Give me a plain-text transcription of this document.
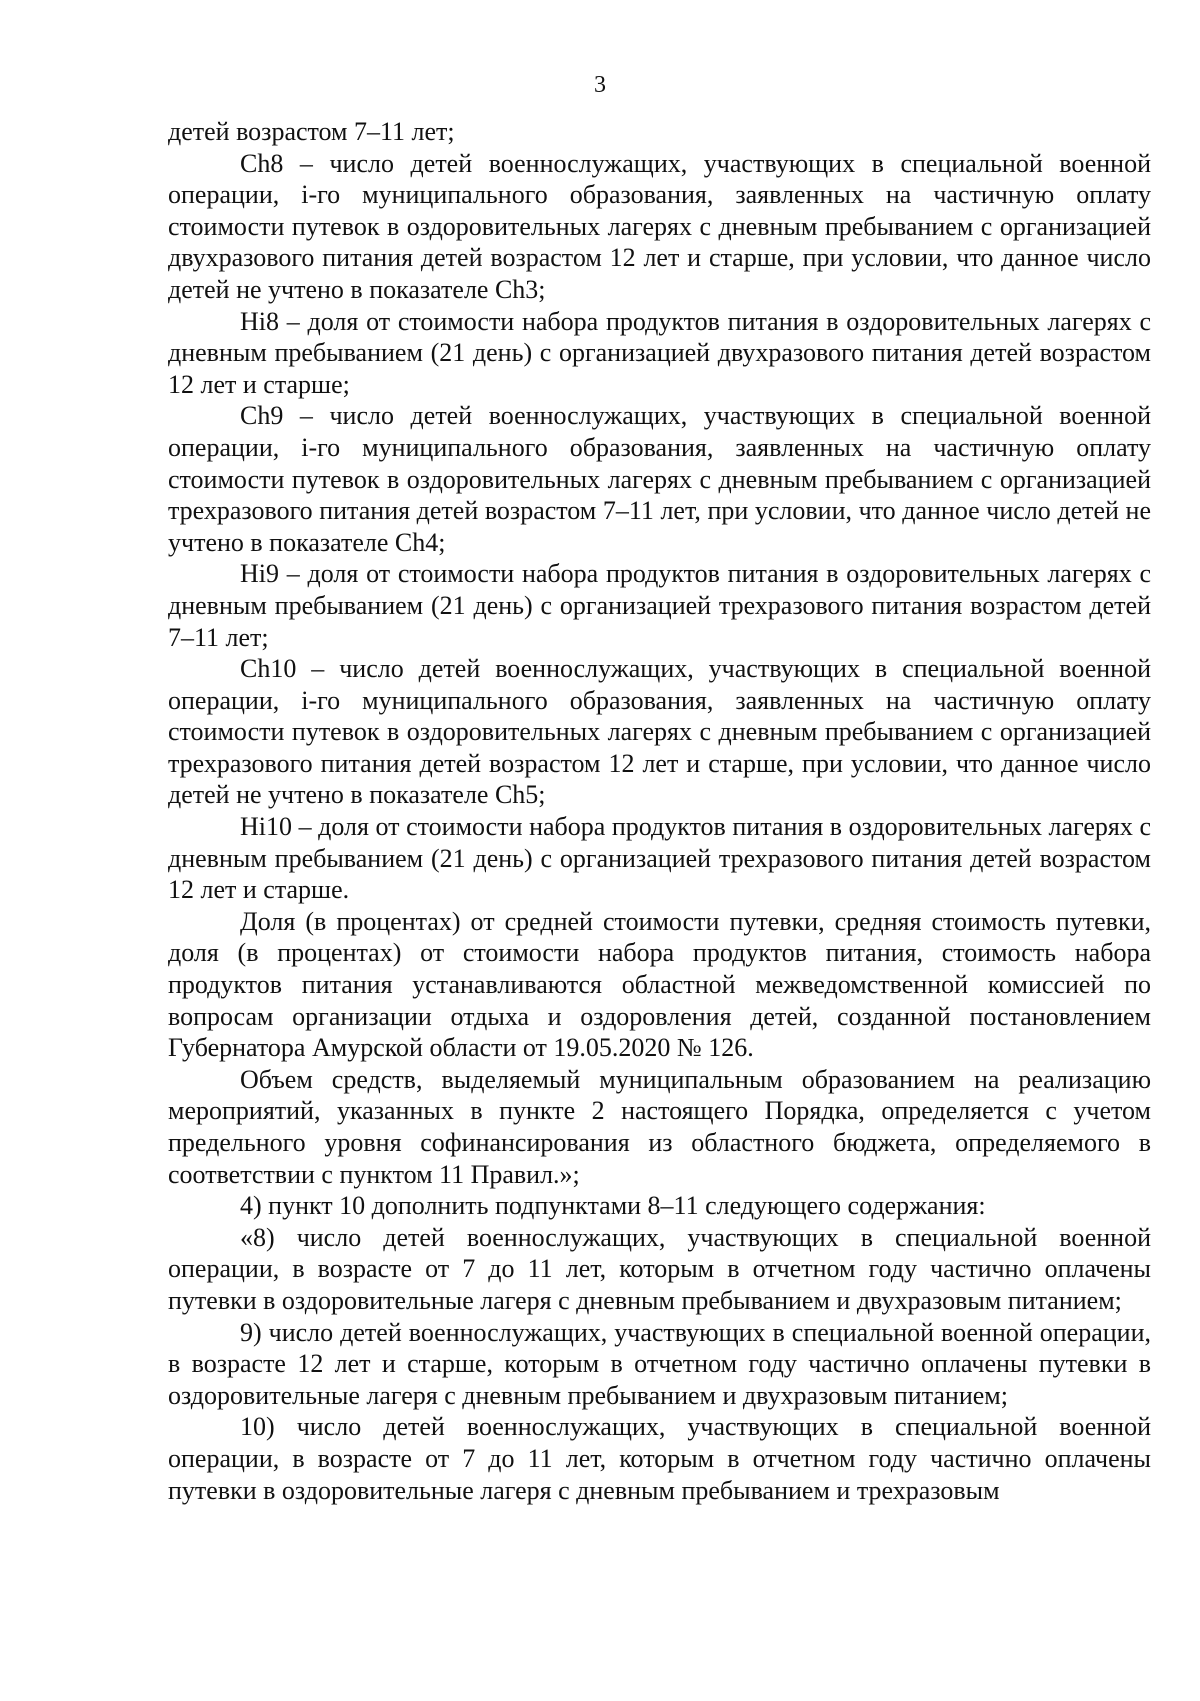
3

детей возрастом 7–11 лет;

Ch8 – число детей военнослужащих, участвующих в специальной военной операции, i-го муниципального образования, заявленных на частичную оплату стоимости путевок в оздоровительных лагерях с дневным пребыванием с организацией двухразового питания детей возрастом 12 лет и старше, при условии, что данное число детей не учтено в показателе Ch3;

Hi8 – доля от стоимости набора продуктов питания в оздоровительных лагерях с дневным пребыванием (21 день) с организацией двухразового питания детей возрастом 12 лет и старше;

Ch9 – число детей военнослужащих, участвующих в специальной военной операции, i-го муниципального образования, заявленных на частичную оплату стоимости путевок в оздоровительных лагерях с дневным пребыванием с организацией трехразового питания детей возрастом 7–11 лет, при условии, что данное число детей не учтено в показателе Ch4;

Hi9 – доля от стоимости набора продуктов питания в оздоровительных лагерях с дневным пребыванием (21 день) с организацией трехразового питания возрастом детей 7–11 лет;

Ch10 – число детей военнослужащих, участвующих в специальной военной операции, i-го муниципального образования, заявленных на частичную оплату стоимости путевок в оздоровительных лагерях с дневным пребыванием с организацией трехразового питания детей возрастом 12 лет и старше, при условии, что данное число детей не учтено в показателе Ch5;

Hi10 – доля от стоимости набора продуктов питания в оздоровительных лагерях с дневным пребыванием (21 день) с организацией трехразового питания детей возрастом 12 лет и старше.

Доля (в процентах) от средней стоимости путевки, средняя стоимость путевки, доля (в процентах) от стоимости набора продуктов питания, стоимость набора продуктов питания устанавливаются областной межведомственной комиссией по вопросам организации отдыха и оздоровления детей, созданной постановлением Губернатора Амурской области от 19.05.2020 № 126.

Объем средств, выделяемый муниципальным образованием на реализацию мероприятий, указанных в пункте 2 настоящего Порядка, определяется с учетом предельного уровня софинансирования из областного бюджета, определяемого в соответствии с пунктом 11 Правил.»;

4) пункт 10 дополнить подпунктами 8–11 следующего содержания:

«8) число детей военнослужащих, участвующих в специальной военной операции, в возрасте от 7 до 11 лет, которым в отчетном году частично оплачены путевки в оздоровительные лагеря с дневным пребыванием и двухразовым питанием;

9) число детей военнослужащих, участвующих в специальной военной операции, в возрасте 12 лет и старше, которым в отчетном году частично оплачены путевки в оздоровительные лагеря с дневным пребыванием и двухразовым питанием;

10) число детей военнослужащих, участвующих в специальной военной операции, в возрасте от 7 до 11 лет, которым в отчетном году частично оплачены путевки в оздоровительные лагеря с дневным пребыванием и трехразовым
